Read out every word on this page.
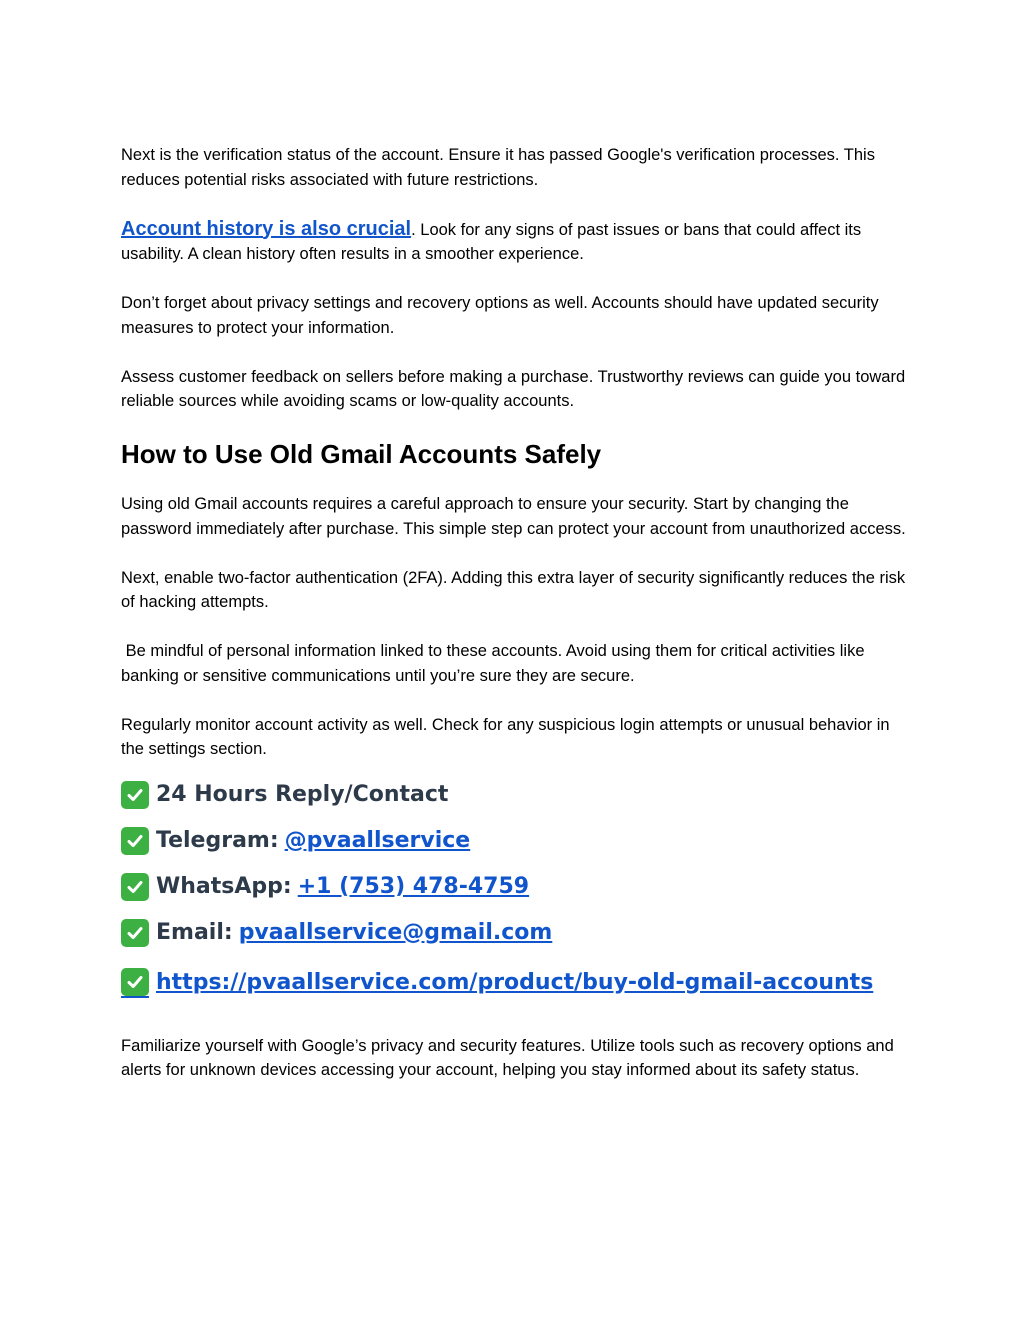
Next is the verification status of the account. Ensure it has passed Google's verification processes. This reduces potential risks associated with future restrictions.

Account history is also crucial. Look for any signs of past issues or bans that could affect its usability. A clean history often results in a smoother experience.

Don’t forget about privacy settings and recovery options as well. Accounts should have updated security measures to protect your information.

Assess customer feedback on sellers before making a purchase. Trustworthy reviews can guide you toward reliable sources while avoiding scams or low-quality accounts.

How to Use Old Gmail Accounts Safely

Using old Gmail accounts requires a careful approach to ensure your security. Start by changing the password immediately after purchase. This simple step can protect your account from unauthorized access.

Next, enable two-factor authentication (2FA). Adding this extra layer of security significantly reduces the risk of hacking attempts.

Be mindful of personal information linked to these accounts. Avoid using them for critical activities like banking or sensitive communications until you’re sure they are secure.

Regularly monitor account activity as well. Check for any suspicious login attempts or unusual behavior in the settings section.

24 Hours Reply/Contact
Telegram: @pvaallservice
WhatsApp: +1 (753) 478-4759
Email: pvaallservice@gmail.com
https://pvaallservice.com/product/buy-old-gmail-accounts

Familiarize yourself with Google’s privacy and security features. Utilize tools such as recovery options and alerts for unknown devices accessing your account, helping you stay informed about its safety status.
